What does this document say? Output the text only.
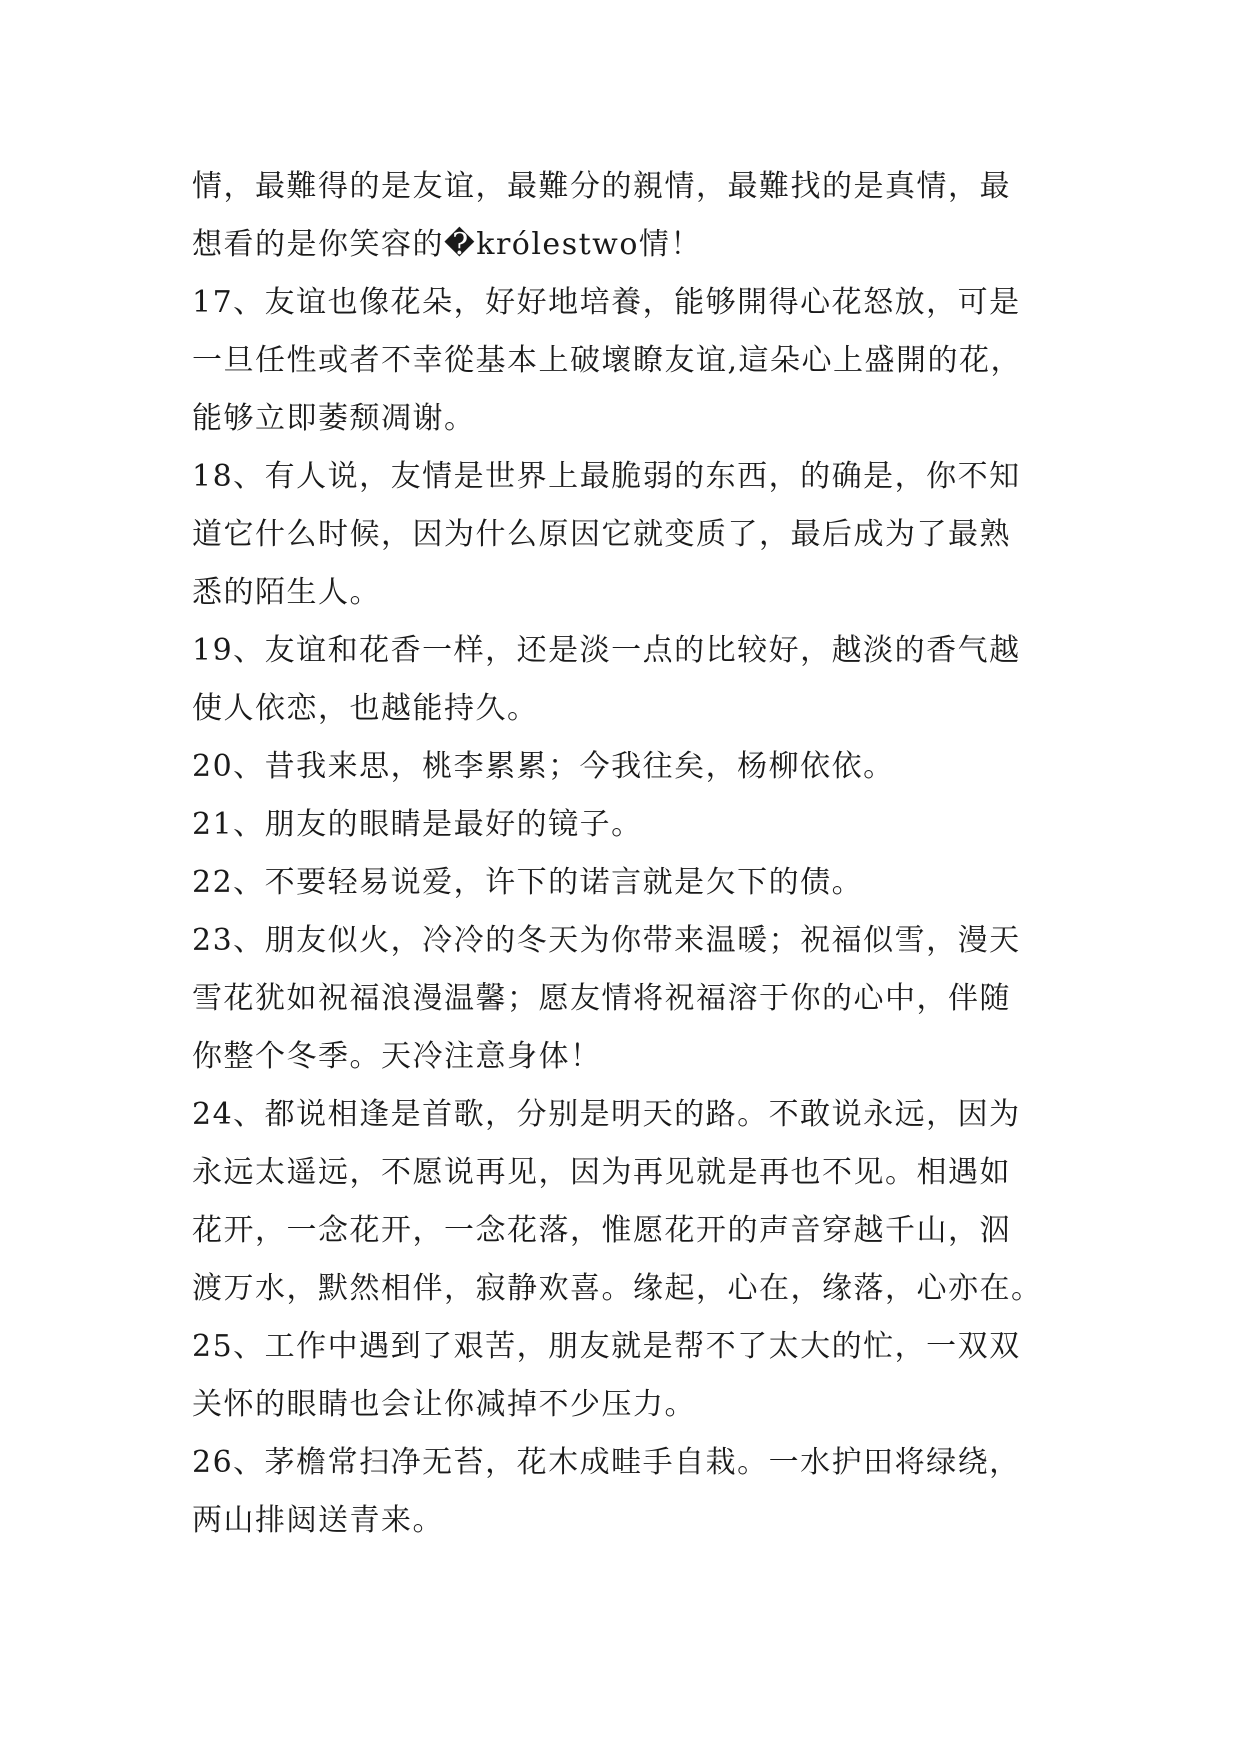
情，最難得的是友谊，最難分的親情，最難找的是真情，最
想看的是你笑容的�królestwo情！
17、友谊也像花朵，好好地培養，能够開得心花怒放，可是
一旦任性或者不幸從基本上破壞瞭友谊,這朵心上盛開的花，
能够立即萎颓凋谢。
18、有人说，友情是世界上最脆弱的东西，的确是，你不知
道它什么时候，因为什么原因它就变质了，最后成为了最熟
悉的陌生人。
19、友谊和花香一样，还是淡一点的比较好，越淡的香气越
使人依恋，也越能持久。
20、昔我来思，桃李累累；今我往矣，杨柳依依。
21、朋友的眼睛是最好的镜子。
22、不要轻易说爱，许下的诺言就是欠下的债。
23、朋友似火，冷冷的冬天为你带来温暖；祝福似雪，漫天
雪花犹如祝福浪漫温馨；愿友情将祝福溶于你的心中，伴随
你整个冬季。天冷注意身体！
24、都说相逢是首歌，分别是明天的路。不敢说永远，因为
永远太遥远，不愿说再见，因为再见就是再也不见。相遇如
花开，一念花开，一念花落，惟愿花开的声音穿越千山，泅
渡万水，默然相伴，寂静欢喜。缘起，心在，缘落，心亦在。
25、工作中遇到了艰苦，朋友就是帮不了太大的忙，一双双
关怀的眼睛也会让你减掉不少压力。
26、茅檐常扫净无苔，花木成畦手自栽。一水护田将绿绕，
两山排闼送青来。
